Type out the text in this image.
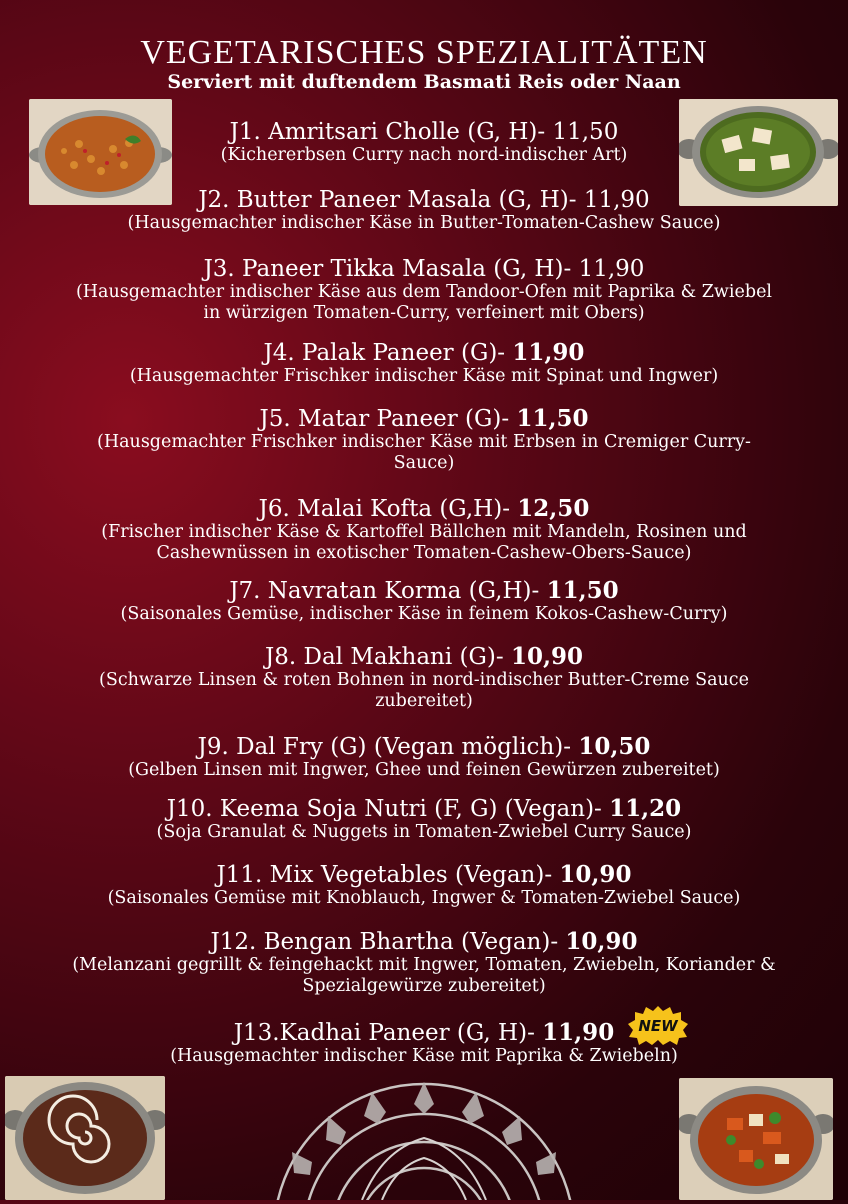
VEGETARISCHES SPEZIALITÄTEN
Serviert mit duftendem Basmati Reis oder Naan
J1. Amritsari Cholle (G, H)- 11,50
(Kichererbsen Curry nach nord-indischer Art)
J2. Butter Paneer Masala (G, H)- 11,90
(Hausgemachter indischer Käse in Butter-Tomaten-Cashew Sauce)
J3. Paneer Tikka Masala (G, H)- 11,90
(Hausgemachter indischer Käse aus dem Tandoor-Ofen mit Paprika & Zwiebel
in würzigen Tomaten-Curry, verfeinert mit Obers)
J4. Palak Paneer (G)- 11,90
(Hausgemachter Frischker indischer Käse mit Spinat und Ingwer)
J5. Matar Paneer (G)- 11,50
(Hausgemachter Frischker indischer Käse mit Erbsen in Cremiger Curry-
Sauce)
J6. Malai Kofta (G,H)- 12,50
(Frischer indischer Käse & Kartoffel Bällchen mit Mandeln, Rosinen und
Cashewnüssen in exotischer Tomaten-Cashew-Obers-Sauce)
J7. Navratan Korma (G,H)- 11,50
(Saisonales Gemüse, indischer Käse in feinem Kokos-Cashew-Curry)
J8. Dal Makhani (G)- 10,90
(Schwarze Linsen & roten Bohnen in nord-indischer Butter-Creme Sauce
zubereitet)
J9. Dal Fry (G) (Vegan möglich)- 10,50
(Gelben Linsen mit Ingwer, Ghee und feinen Gewürzen zubereitet)
J10. Keema Soja Nutri (F, G) (Vegan)- 11,20
(Soja Granulat & Nuggets in Tomaten-Zwiebel Curry Sauce)
J11. Mix Vegetables (Vegan)- 10,90
(Saisonales Gemüse mit Knoblauch, Ingwer & Tomaten-Zwiebel Sauce)
J12. Bengan Bhartha (Vegan)- 10,90
(Melanzani gegrillt & feingehackt mit Ingwer, Tomaten, Zwiebeln, Koriander &
Spezialgewürze zubereitet)
J13.Kadhai Paneer (G, H)- 11,90
(Hausgemachter indischer Käse mit Paprika & Zwiebeln)
NEW
